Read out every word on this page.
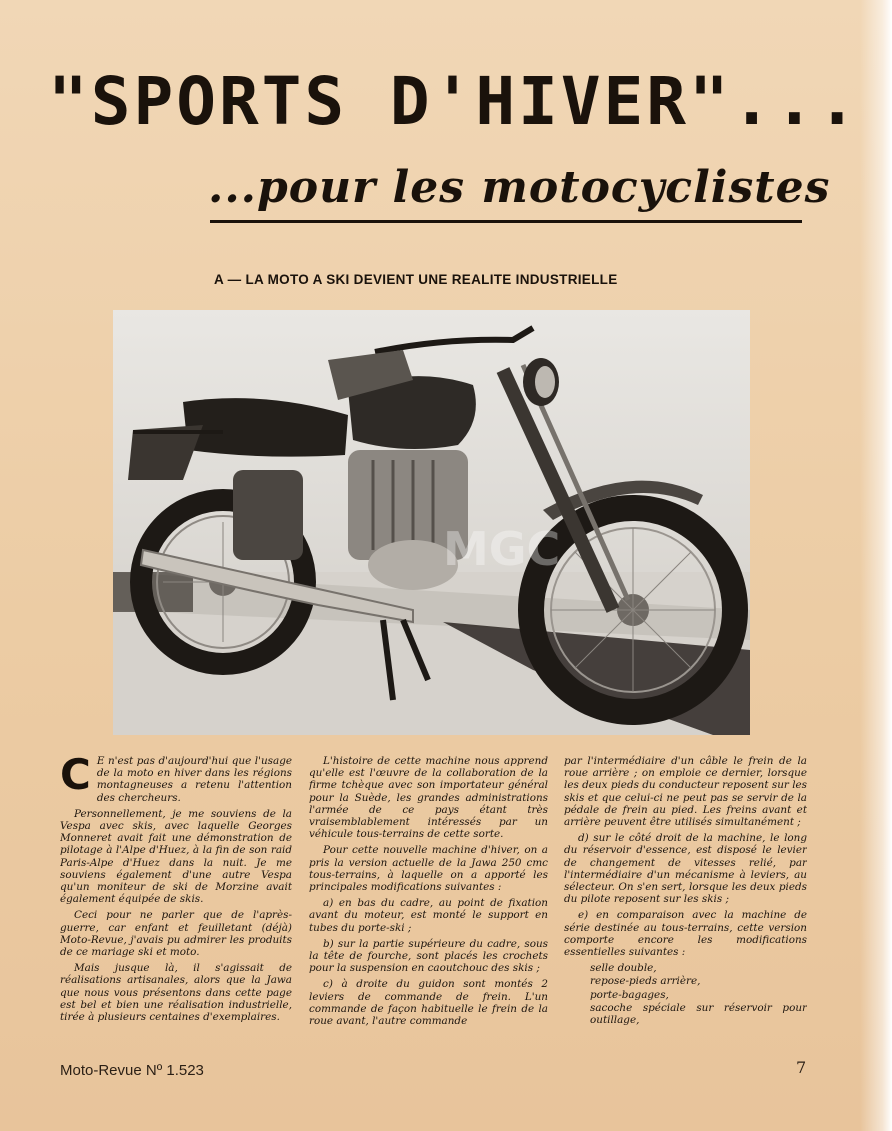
"SPORTS D'HIVER"...
...pour les motocyclistes
A — LA MOTO A SKI DEVIENT UNE REALITE INDUSTRIELLE
MGC

C E n'est pas d'aujourd'hui que l'usage de la moto en hiver dans les régions montagneuses a retenu l'attention des chercheurs.

Personnellement, je me souviens de la Vespa avec skis, avec laquelle Georges Monneret avait fait une démonstration de pilotage à l'Alpe d'Huez, à la fin de son raid Paris-Alpe d'Huez dans la nuit. Je me souviens également d'une autre Vespa qu'un moniteur de ski de Morzine avait également équipée de skis.

Ceci pour ne parler que de l'après-guerre, car enfant et feuilletant (déjà) Moto-Revue, j'avais pu admirer les produits de ce mariage ski et moto.

Mais jusque là, il s'agissait de réalisations artisanales, alors que la Jawa que nous vous présentons dans cette page est bel et bien une réalisation industrielle, tirée à plusieurs centaines d'exemplaires.

L'histoire de cette machine nous apprend qu'elle est l'œuvre de la collaboration de la firme tchèque avec son importateur général pour la Suède, les grandes administrations l'armée de ce pays étant très vraisemblablement intéressés par un véhicule tous-terrains de cette sorte.

Pour cette nouvelle machine d'hiver, on a pris la version actuelle de la Jawa 250 cmc tous-terrains, à laquelle on a apporté les principales modifications suivantes :

a) en bas du cadre, au point de fixation avant du moteur, est monté le support en tubes du porte-ski ;

b) sur la partie supérieure du cadre, sous la tête de fourche, sont placés les crochets pour la suspension en caoutchouc des skis ;

c) à droite du guidon sont montés 2 leviers de commande de frein. L'un commande de façon habituelle le frein de la roue avant, l'autre commande

par l'intermédiaire d'un câble le frein de la roue arrière ; on emploie ce dernier, lorsque les deux pieds du conducteur reposent sur les skis et que celui-ci ne peut pas se servir de la pédale de frein au pied. Les freins avant et arrière peuvent être utilisés simultanément ;

d) sur le côté droit de la machine, le long du réservoir d'essence, est disposé le levier de changement de vitesses relié, par l'intermédiaire d'un mécanisme à leviers, au sélecteur. On s'en sert, lorsque les deux pieds du pilote reposent sur les skis ;

e) en comparaison avec la machine de série destinée au tous-terrains, cette version comporte encore les modifications essentielles suivantes :

selle double,

repose-pieds arrière,

porte-bagages,

sacoche spéciale sur réservoir pour outillage,

Moto-Revue Nº 1.523	7
